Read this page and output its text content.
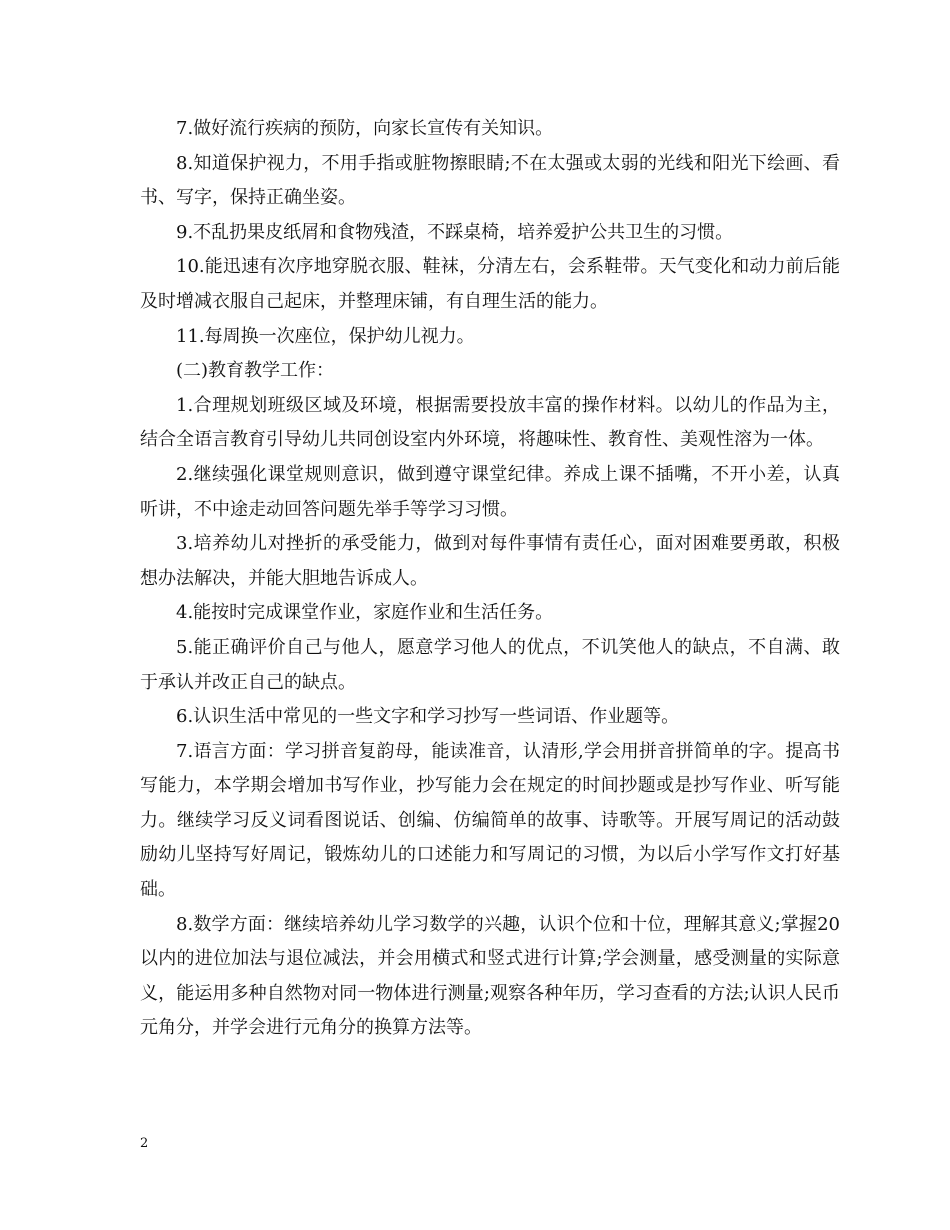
7.做好流行疾病的预防，向家长宣传有关知识。

8.知道保护视力，不用手指或脏物擦眼睛;不在太强或太弱的光线和阳光下绘画、看书、写字，保持正确坐姿。

9.不乱扔果皮纸屑和食物残渣，不踩桌椅，培养爱护公共卫生的习惯。

10.能迅速有次序地穿脱衣服、鞋袜，分清左右，会系鞋带。天气变化和动力前后能及时增减衣服自己起床，并整理床铺，有自理生活的能力。

11.每周换一次座位，保护幼儿视力。

(二)教育教学工作：

1.合理规划班级区域及环境，根据需要投放丰富的操作材料。以幼儿的作品为主，结合全语言教育引导幼儿共同创设室内外环境，将趣味性、教育性、美观性溶为一体。

2.继续强化课堂规则意识，做到遵守课堂纪律。养成上课不插嘴，不开小差，认真听讲，不中途走动回答问题先举手等学习习惯。

3.培养幼儿对挫折的承受能力，做到对每件事情有责任心，面对困难要勇敢，积极想办法解决，并能大胆地告诉成人。

4.能按时完成课堂作业，家庭作业和生活任务。

5.能正确评价自己与他人，愿意学习他人的优点，不讥笑他人的缺点，不自满、敢于承认并改正自己的缺点。

6.认识生活中常见的一些文字和学习抄写一些词语、作业题等。

7.语言方面：学习拼音复韵母，能读准音，认清形,学会用拼音拼简单的字。提高书写能力，本学期会增加书写作业，抄写能力会在规定的时间抄题或是抄写作业、听写能力。继续学习反义词看图说话、创编、仿编简单的故事、诗歌等。开展写周记的活动鼓励幼儿坚持写好周记，锻炼幼儿的口述能力和写周记的习惯，为以后小学写作文打好基础。

8.数学方面：继续培养幼儿学习数学的兴趣，认识个位和十位，理解其意义;掌握20以内的进位加法与退位减法，并会用横式和竖式进行计算;学会测量，感受测量的实际意义，能运用多种自然物对同一物体进行测量;观察各种年历，学习查看的方法;认识人民币元角分，并学会进行元角分的换算方法等。

2
